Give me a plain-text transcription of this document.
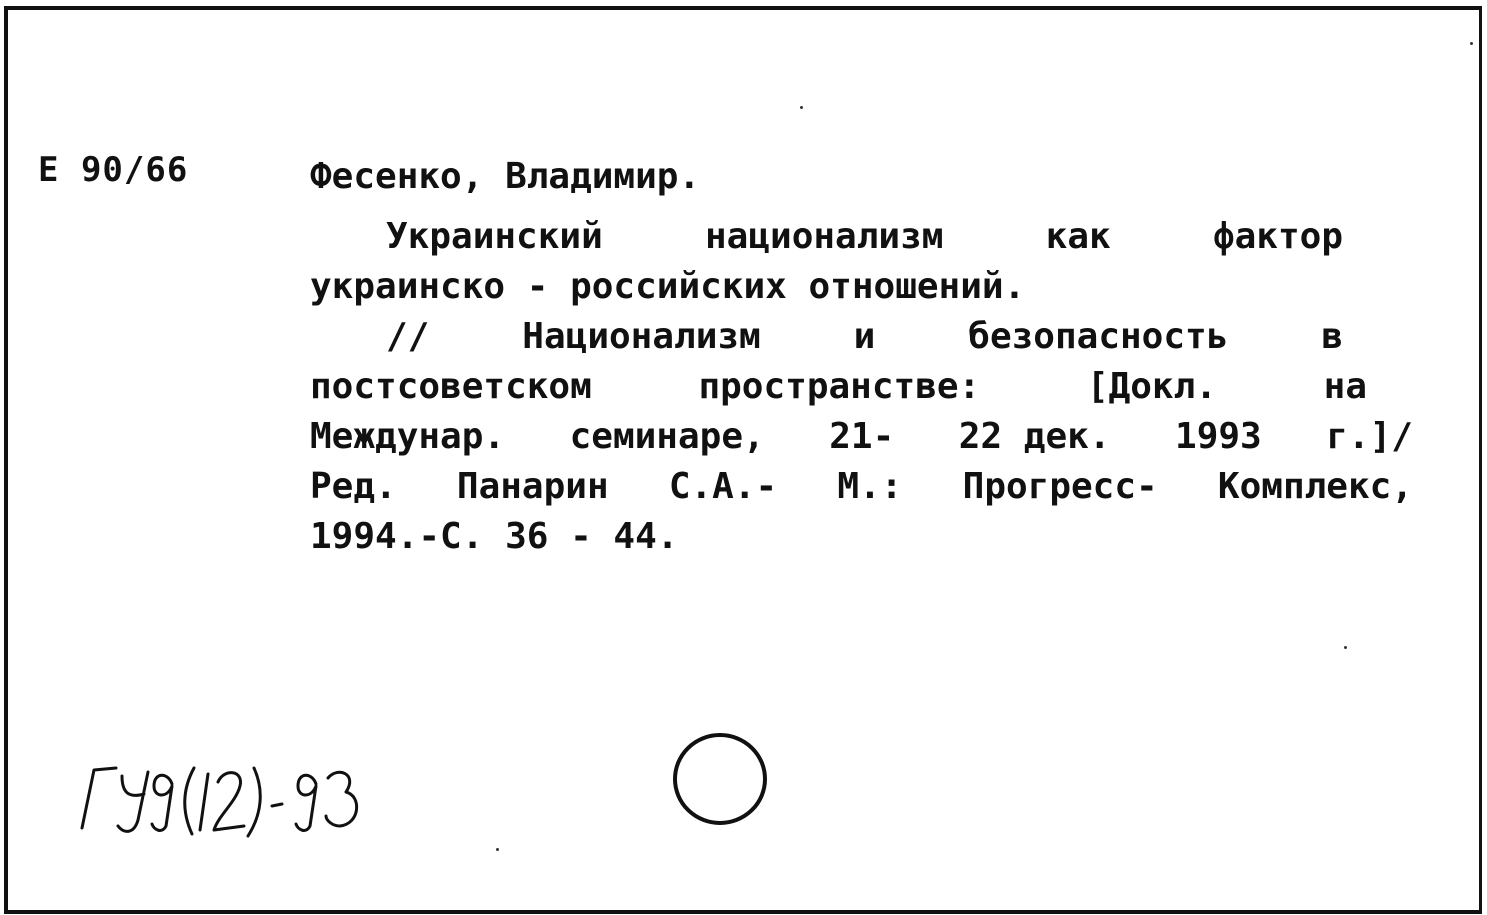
Е 90/66	Фесенко, Владимир.
Украинский	национализм	как	фактор
украинско - российских отношений.
//	Национализм	и	безопасность	в
постсоветском	пространстве:	[Докл.	на
Междунар. семинаре, 21- 22 дек. 1993 г.]/
Ред. Панарин С.А.- М.: Прогресс- Комплекс,
1994.-С. 36 - 44.
